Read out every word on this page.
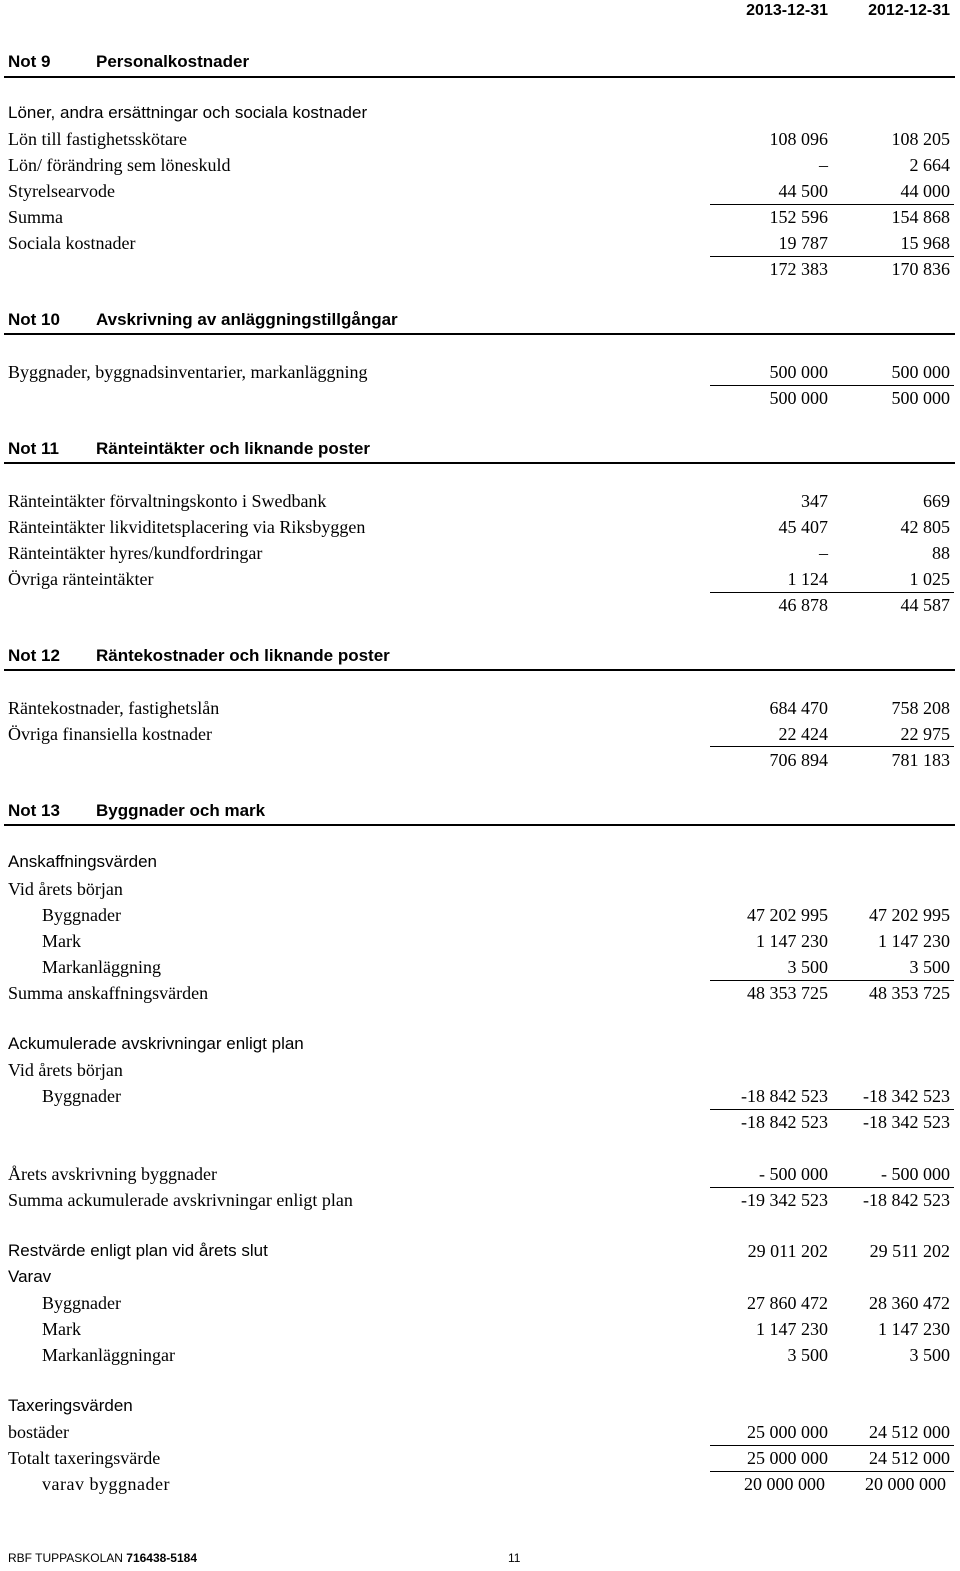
2013-12-31	2012-12-31
Not 9	Personalkostnader
Löner, andra ersättningar och sociala kostnader
Lön till fastighetsskötare	108 096	108 205
Lön/ förändring sem löneskuld	–	2 664
Styrelsearvode	44 500	44 000
Summa	152 596	154 868
Sociala kostnader	19 787	15 968
172 383	170 836
Not 10 Avskrivning av anläggningstillgångar
Byggnader, byggnadsinventarier, markanläggning	500 000	500 000
500 000	500 000
Not 11 Ränteintäkter och liknande poster
Ränteintäkter förvaltningskonto i Swedbank	347	669
Ränteintäkter likviditetsplacering via Riksbyggen	45 407	42 805
Ränteintäkter hyres/kundfordringar	–	88
Övriga ränteintäkter	1 124	1 025
46 878	44 587
Not 12 Räntekostnader och liknande poster
Räntekostnader, fastighetslån	684 470	758 208
Övriga finansiella kostnader	22 424	22 975
706 894	781 183
Not 13 Byggnader och mark
Anskaffningsvärden
Vid årets början
Byggnader	47 202 995	47 202 995
Mark	1 147 230	1 147 230
Markanläggning	3 500	3 500
Summa anskaffningsvärden	48 353 725	48 353 725
Ackumulerade avskrivningar enligt plan
Vid årets början
Byggnader	-18 842 523	-18 342 523
-18 842 523	-18 342 523
Årets avskrivning byggnader	- 500 000	- 500 000
Summa ackumulerade avskrivningar enligt plan	-19 342 523	-18 842 523
Restvärde enligt plan vid årets slut	29 011 202	29 511 202
Varav
Byggnader	27 860 472	28 360 472
Mark	1 147 230	1 147 230
Markanläggningar	3 500	3 500
Taxeringsvärden
bostäder	25 000 000	24 512 000
Totalt taxeringsvärde	25 000 000	24 512 000
varav byggnader	20 000 000	20 000 000
RBF TUPPASKOLAN 716438-5184	11
